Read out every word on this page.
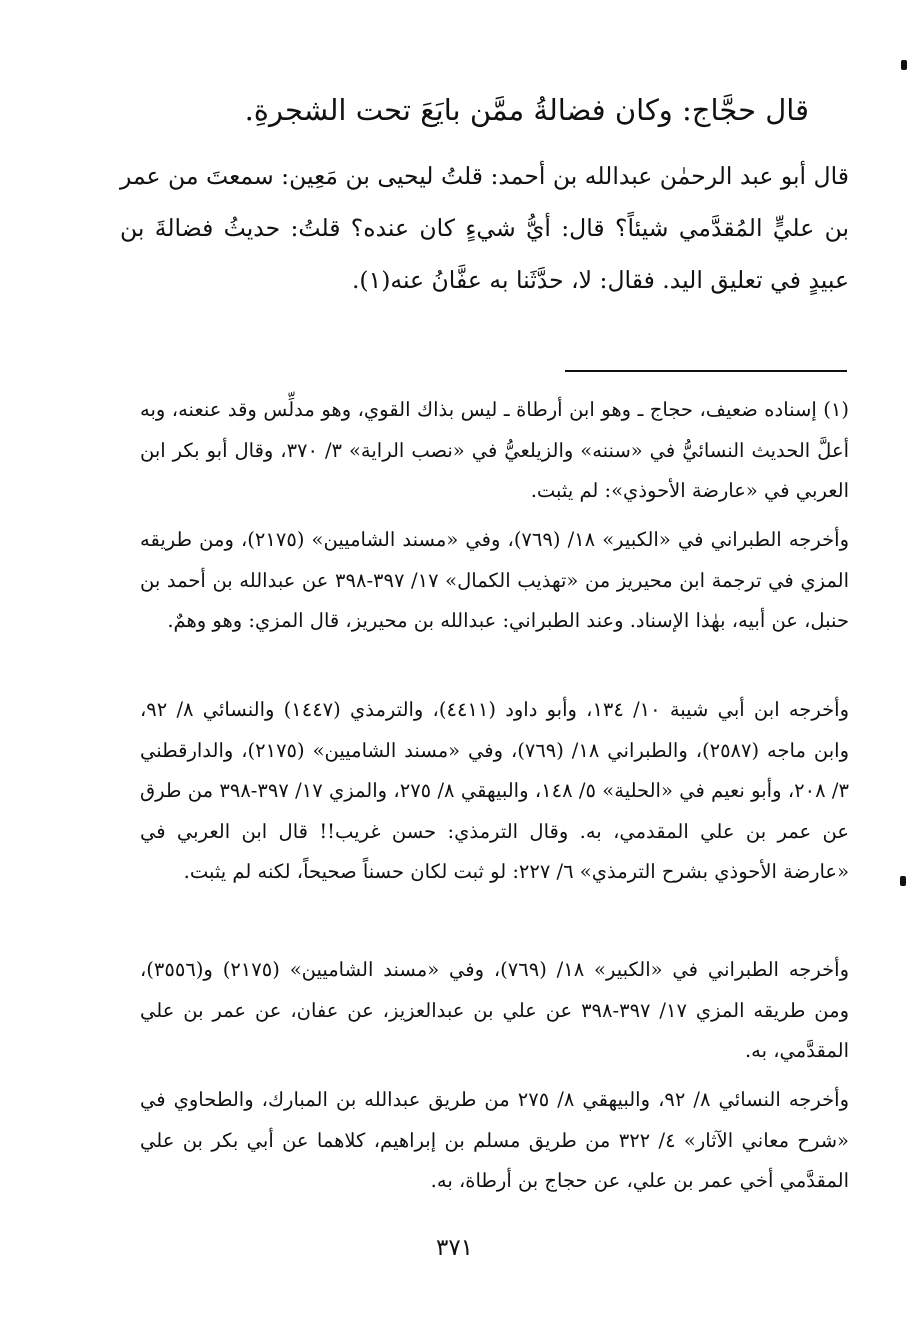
قال حجَّاج: وكان فضالةُ ممَّن بايَعَ تحت الشجرةِ.
قال أبو عبد الرحمٰن عبدالله بن أحمد: قلتُ ليحيى بن مَعِين: سمعتَ من عمر بن عليٍّ المُقدَّمي شيئاً؟ قال: أيُّ شيءٍ كان عنده؟ قلتُ: حديثُ فضالةَ بن عبيدٍ في تعليق اليد. فقال: لا، حدَّثَنا به عفَّانُ عنه(١).

(١) إسناده ضعيف، حجاج ـ وهو ابن أرطاة ـ ليس بذاك القوي، وهو مدلِّس وقد عنعنه، وبه أعلَّ الحديث النسائيُّ في «سننه» والزيلعيُّ في «نصب الراية» ٣/ ٣٧٠، وقال أبو بكر ابن العربي في «عارضة الأحوذي»: لم يثبت.

وأخرجه الطبراني في «الكبير» ١٨/ (٧٦٩)، وفي «مسند الشاميين» (٢١٧٥)، ومن طريقه المزي في ترجمة ابن محيريز من «تهذيب الكمال» ١٧/ ٣٩٧-٣٩٨ عن عبدالله بن أحمد بن حنبل، عن أبيه، بهٰذا الإسناد. وعند الطبراني: عبدالله بن محيريز، قال المزي: وهو وهمٌ.

وأخرجه ابن أبي شيبة ١٠/ ١٣٤، وأبو داود (٤٤١١)، والترمذي (١٤٤٧) والنسائي ٨/ ٩٢، وابن ماجه (٢٥٨٧)، والطبراني ١٨/ (٧٦٩)، وفي «مسند الشاميين» (٢١٧٥)، والدارقطني ٣/ ٢٠٨، وأبو نعيم في «الحلية» ٥/ ١٤٨، والبيهقي ٨/ ٢٧٥، والمزي ١٧/ ٣٩٧-٣٩٨ من طرق عن عمر بن علي المقدمي، به. وقال الترمذي: حسن غريب!! قال ابن العربي في «عارضة الأحوذي بشرح الترمذي» ٦/ ٢٢٧: لو ثبت لكان حسناً صحيحاً، لكنه لم يثبت.

وأخرجه الطبراني في «الكبير» ١٨/ (٧٦٩)، وفي «مسند الشاميين» (٢١٧٥) و(٣٥٥٦)، ومن طريقه المزي ١٧/ ٣٩٧-٣٩٨ عن علي بن عبدالعزيز، عن عفان، عن عمر بن علي المقدَّمي، به.

وأخرجه النسائي ٨/ ٩٢، والبيهقي ٨/ ٢٧٥ من طريق عبدالله بن المبارك، والطحاوي في «شرح معاني الآثار» ٤/ ٣٢٢ من طريق مسلم بن إبراهيم، كلاهما عن أبي بكر بن علي المقدَّمي أخي عمر بن علي، عن حجاج بن أرطاة، به.

٣٧١
